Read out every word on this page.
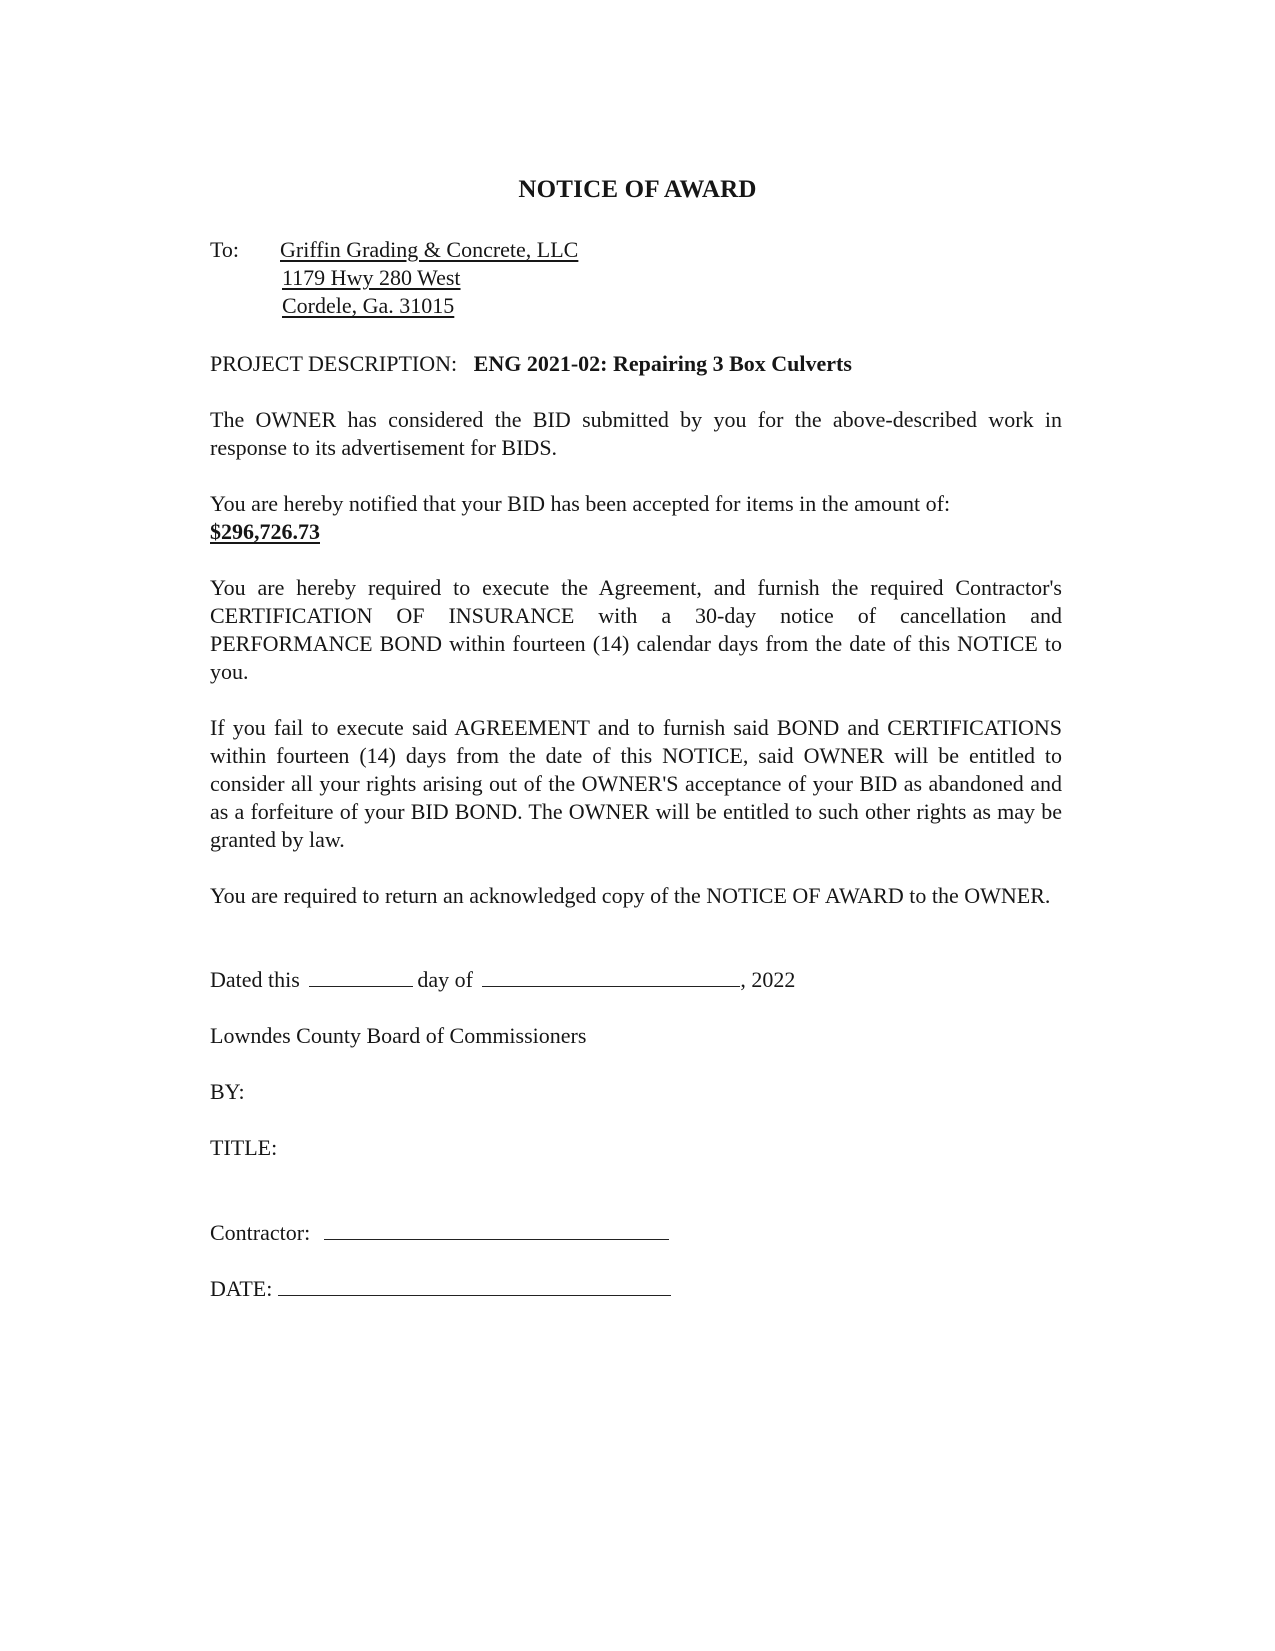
NOTICE OF AWARD
To: Griffin Grading & Concrete, LLC
1179 Hwy 280 West
Cordele, Ga. 31015
PROJECT DESCRIPTION: ENG 2021-02: Repairing 3 Box Culverts
The OWNER has considered the BID submitted by you for the above-described work in response to its advertisement for BIDS.
You are hereby notified that your BID has been accepted for items in the amount of:
$296,726.73
You are hereby required to execute the Agreement, and furnish the required Contractor's CERTIFICATION OF INSURANCE with a 30-day notice of cancellation and PERFORMANCE BOND within fourteen (14) calendar days from the date of this NOTICE to you.
If you fail to execute said AGREEMENT and to furnish said BOND and CERTIFICATIONS within fourteen (14) days from the date of this NOTICE, said OWNER will be entitled to consider all your rights arising out of the OWNER'S acceptance of your BID as abandoned and as a forfeiture of your BID BOND. The OWNER will be entitled to such other rights as may be granted by law.
You are required to return an acknowledged copy of the NOTICE OF AWARD to the OWNER.
Dated this	day of	, 2022
Lowndes County Board of Commissioners
BY:
TITLE:
Contractor:
DATE:
